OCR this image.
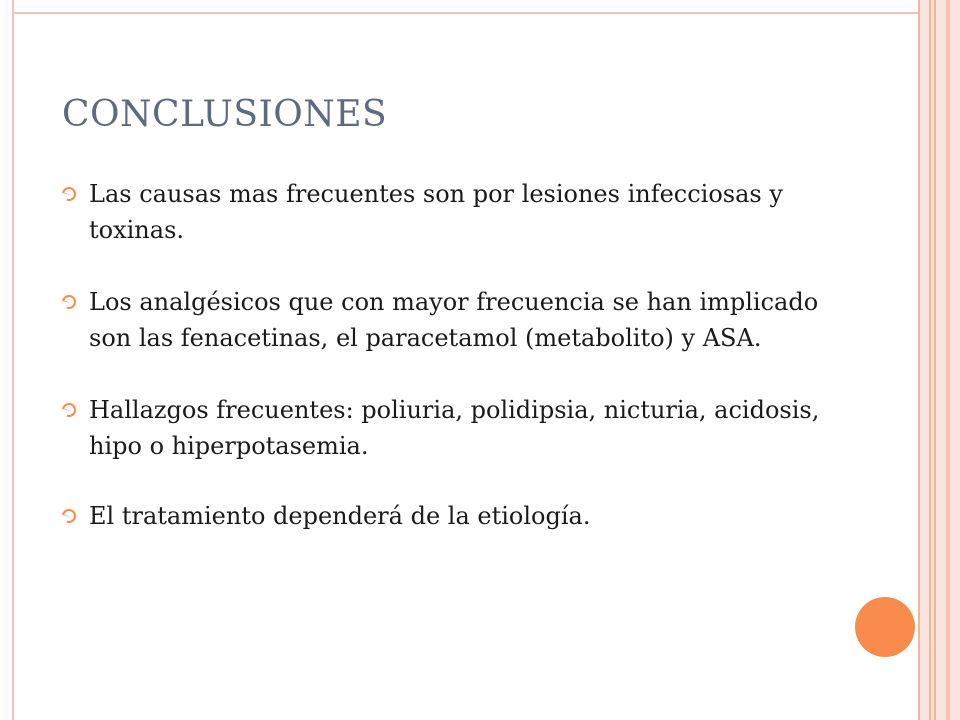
CONCLUSIONES
Las causas mas frecuentes son por lesiones infecciosas y toxinas.
Los analgésicos que con mayor frecuencia se han implicado son las fenacetinas, el paracetamol (metabolito) y ASA.
Hallazgos frecuentes: poliuria, polidipsia, nicturia, acidosis, hipo o hiperpotasemia.
El tratamiento dependerá de la etiología.
